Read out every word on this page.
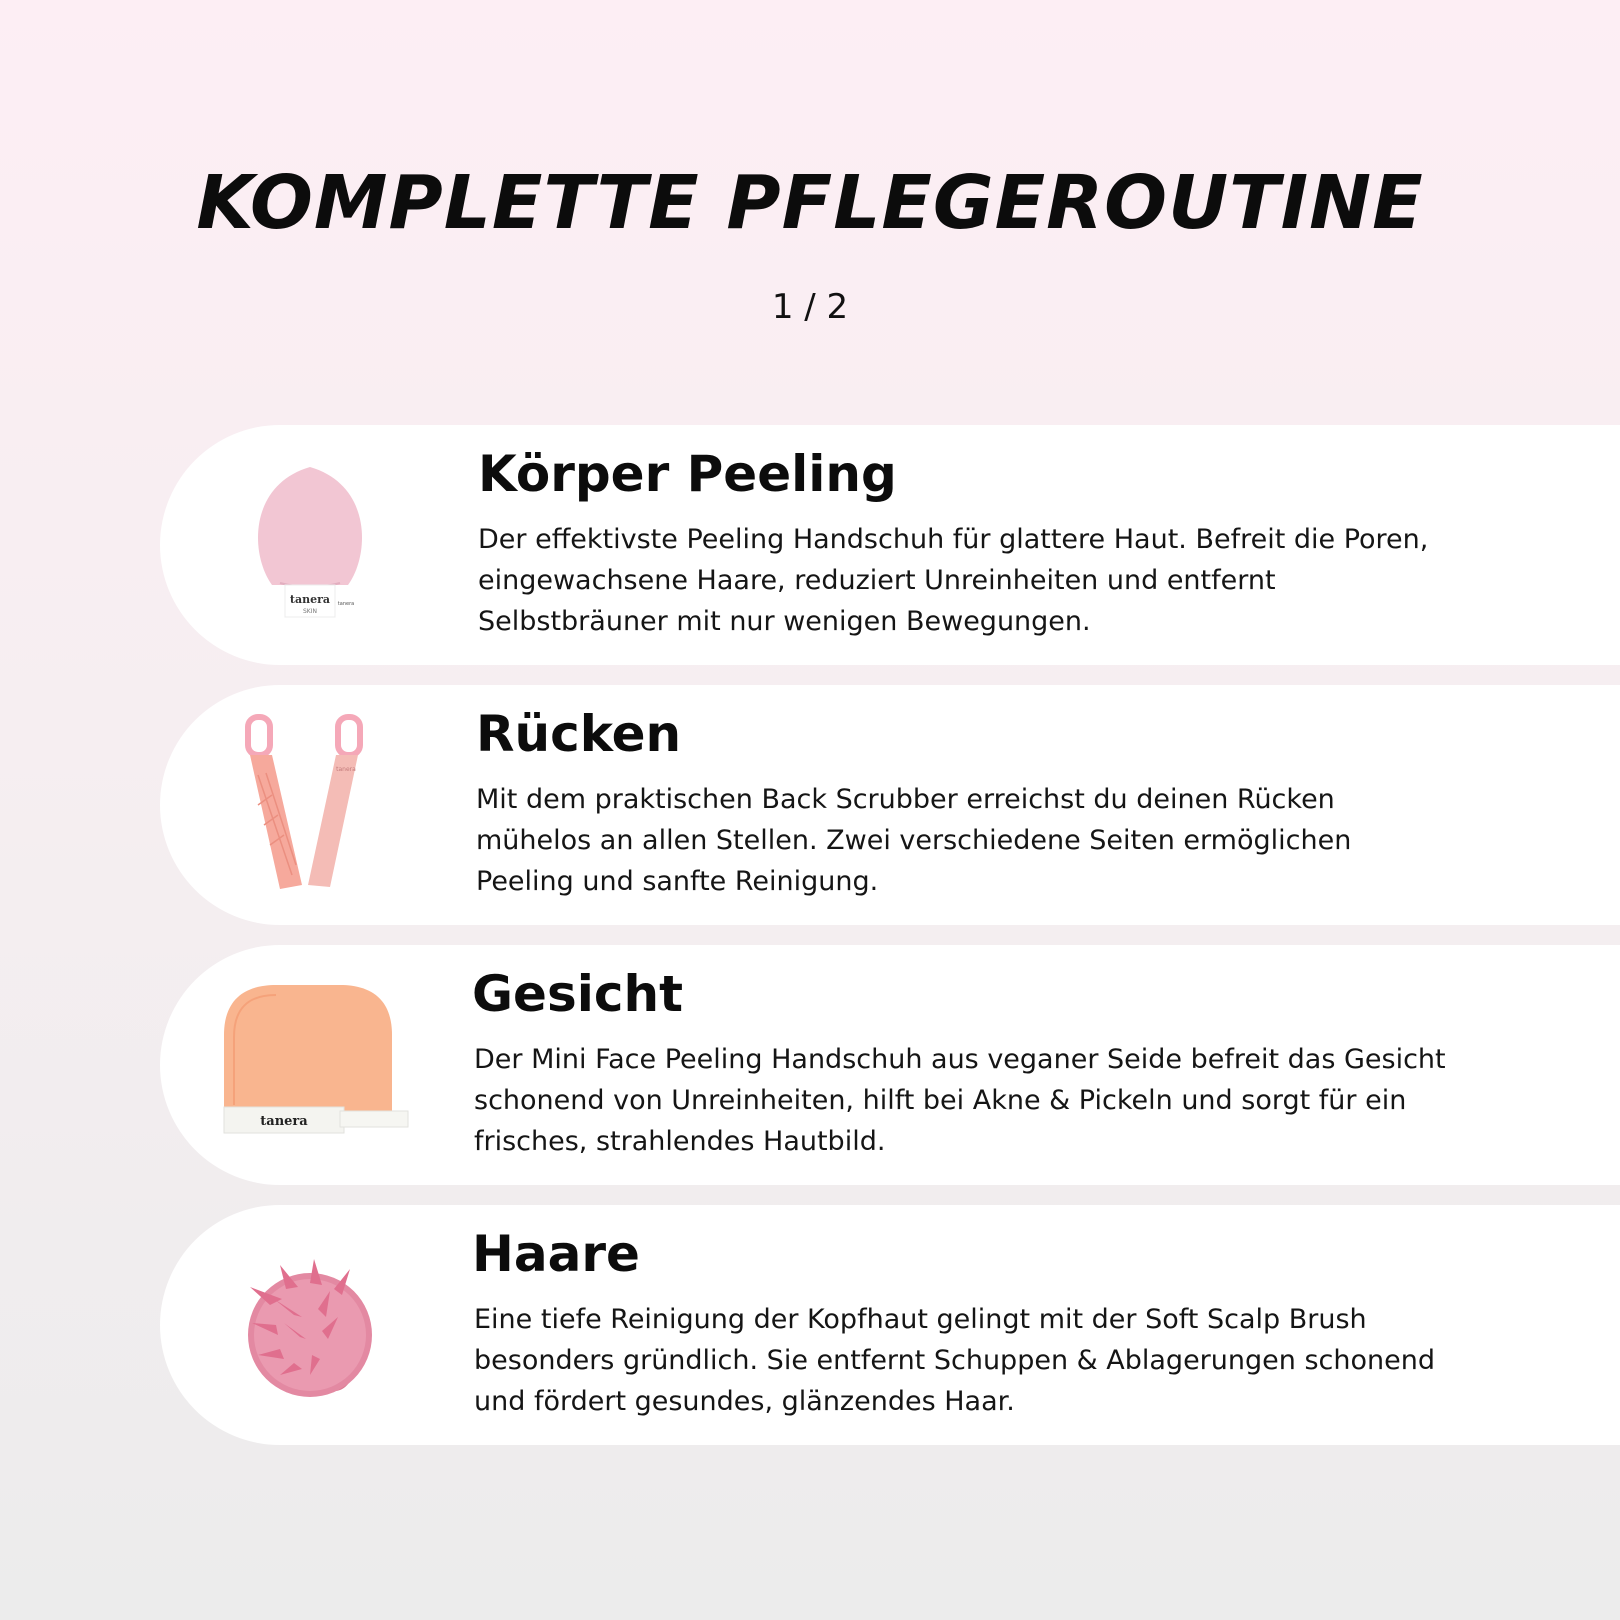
KOMPLETTE PFLEGEROUTINE
1 / 2
tanera
SKIN
tanera
Körper Peeling
Der effektivste Peeling Handschuh für glattere Haut. Befreit die Poren, eingewachsene Haare, reduziert Unreinheiten und entfernt Selbstbräuner mit nur wenigen Bewegungen.
tanera
Rücken
Mit dem praktischen Back Scrubber erreichst du deinen Rücken mühelos an allen Stellen. Zwei verschiedene Seiten ermöglichen Peeling und sanfte Reinigung.
tanera
Gesicht
Der Mini Face Peeling Handschuh aus veganer Seide befreit das Gesicht schonend von Unreinheiten, hilft bei Akne & Pickeln und sorgt für ein frisches, strahlendes Hautbild.
Haare
Eine tiefe Reinigung der Kopfhaut gelingt mit der Soft Scalp Brush besonders gründlich. Sie entfernt Schuppen & Ablagerungen schonend und fördert gesundes, glänzendes Haar.
